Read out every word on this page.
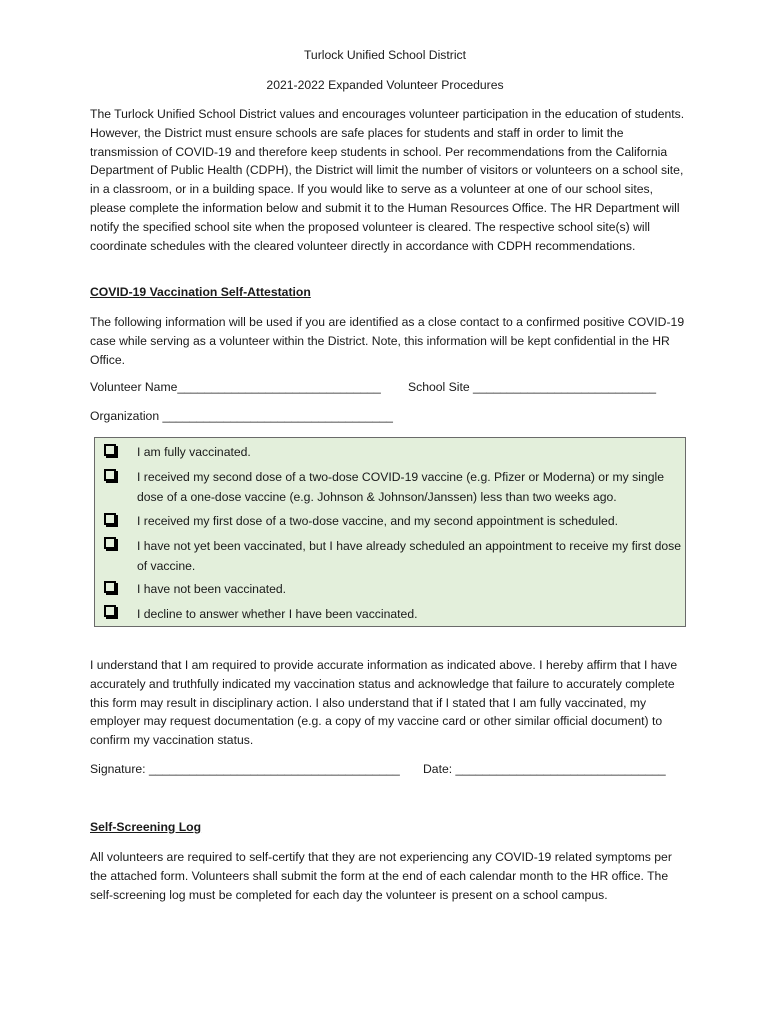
Turlock Unified School District
2021-2022 Expanded Volunteer Procedures
The Turlock Unified School District values and encourages volunteer participation in the education of students. However, the District must ensure schools are safe places for students and staff in order to limit the transmission of COVID-19 and therefore keep students in school. Per recommendations from the California Department of Public Health (CDPH), the District will limit the number of visitors or volunteers on a school site, in a classroom, or in a building space. If you would like to serve as a volunteer at one of our school sites, please complete the information below and submit it to the Human Resources Office. The HR Department will notify the specified school site when the proposed volunteer is cleared. The respective school site(s) will coordinate schedules with the cleared volunteer directly in accordance with CDPH recommendations.
COVID-19 Vaccination Self-Attestation
The following information will be used if you are identified as a close contact to a confirmed positive COVID-19 case while serving as a volunteer within the District. Note, this information will be kept confidential in the HR Office.
Volunteer Name______________________________ School Site ___________________________
Organization __________________________________
I am fully vaccinated.
I received my second dose of a two-dose COVID-19 vaccine (e.g. Pfizer or Moderna) or my single dose of a one-dose vaccine (e.g. Johnson & Johnson/Janssen) less than two weeks ago.
I received my first dose of a two-dose vaccine, and my second appointment is scheduled.
I have not yet been vaccinated, but I have already scheduled an appointment to receive my first dose of vaccine.
I have not been vaccinated.
I decline to answer whether I have been vaccinated.
I understand that I am required to provide accurate information as indicated above. I hereby affirm that I have accurately and truthfully indicated my vaccination status and acknowledge that failure to accurately complete this form may result in disciplinary action. I also understand that if I stated that I am fully vaccinated, my employer may request documentation (e.g. a copy of my vaccine card or other similar official document) to confirm my vaccination status.
Signature: _____________________________________ Date: _______________________________
Self-Screening Log
All volunteers are required to self-certify that they are not experiencing any COVID-19 related symptoms per the attached form. Volunteers shall submit the form at the end of each calendar month to the HR office. The self-screening log must be completed for each day the volunteer is present on a school campus.
